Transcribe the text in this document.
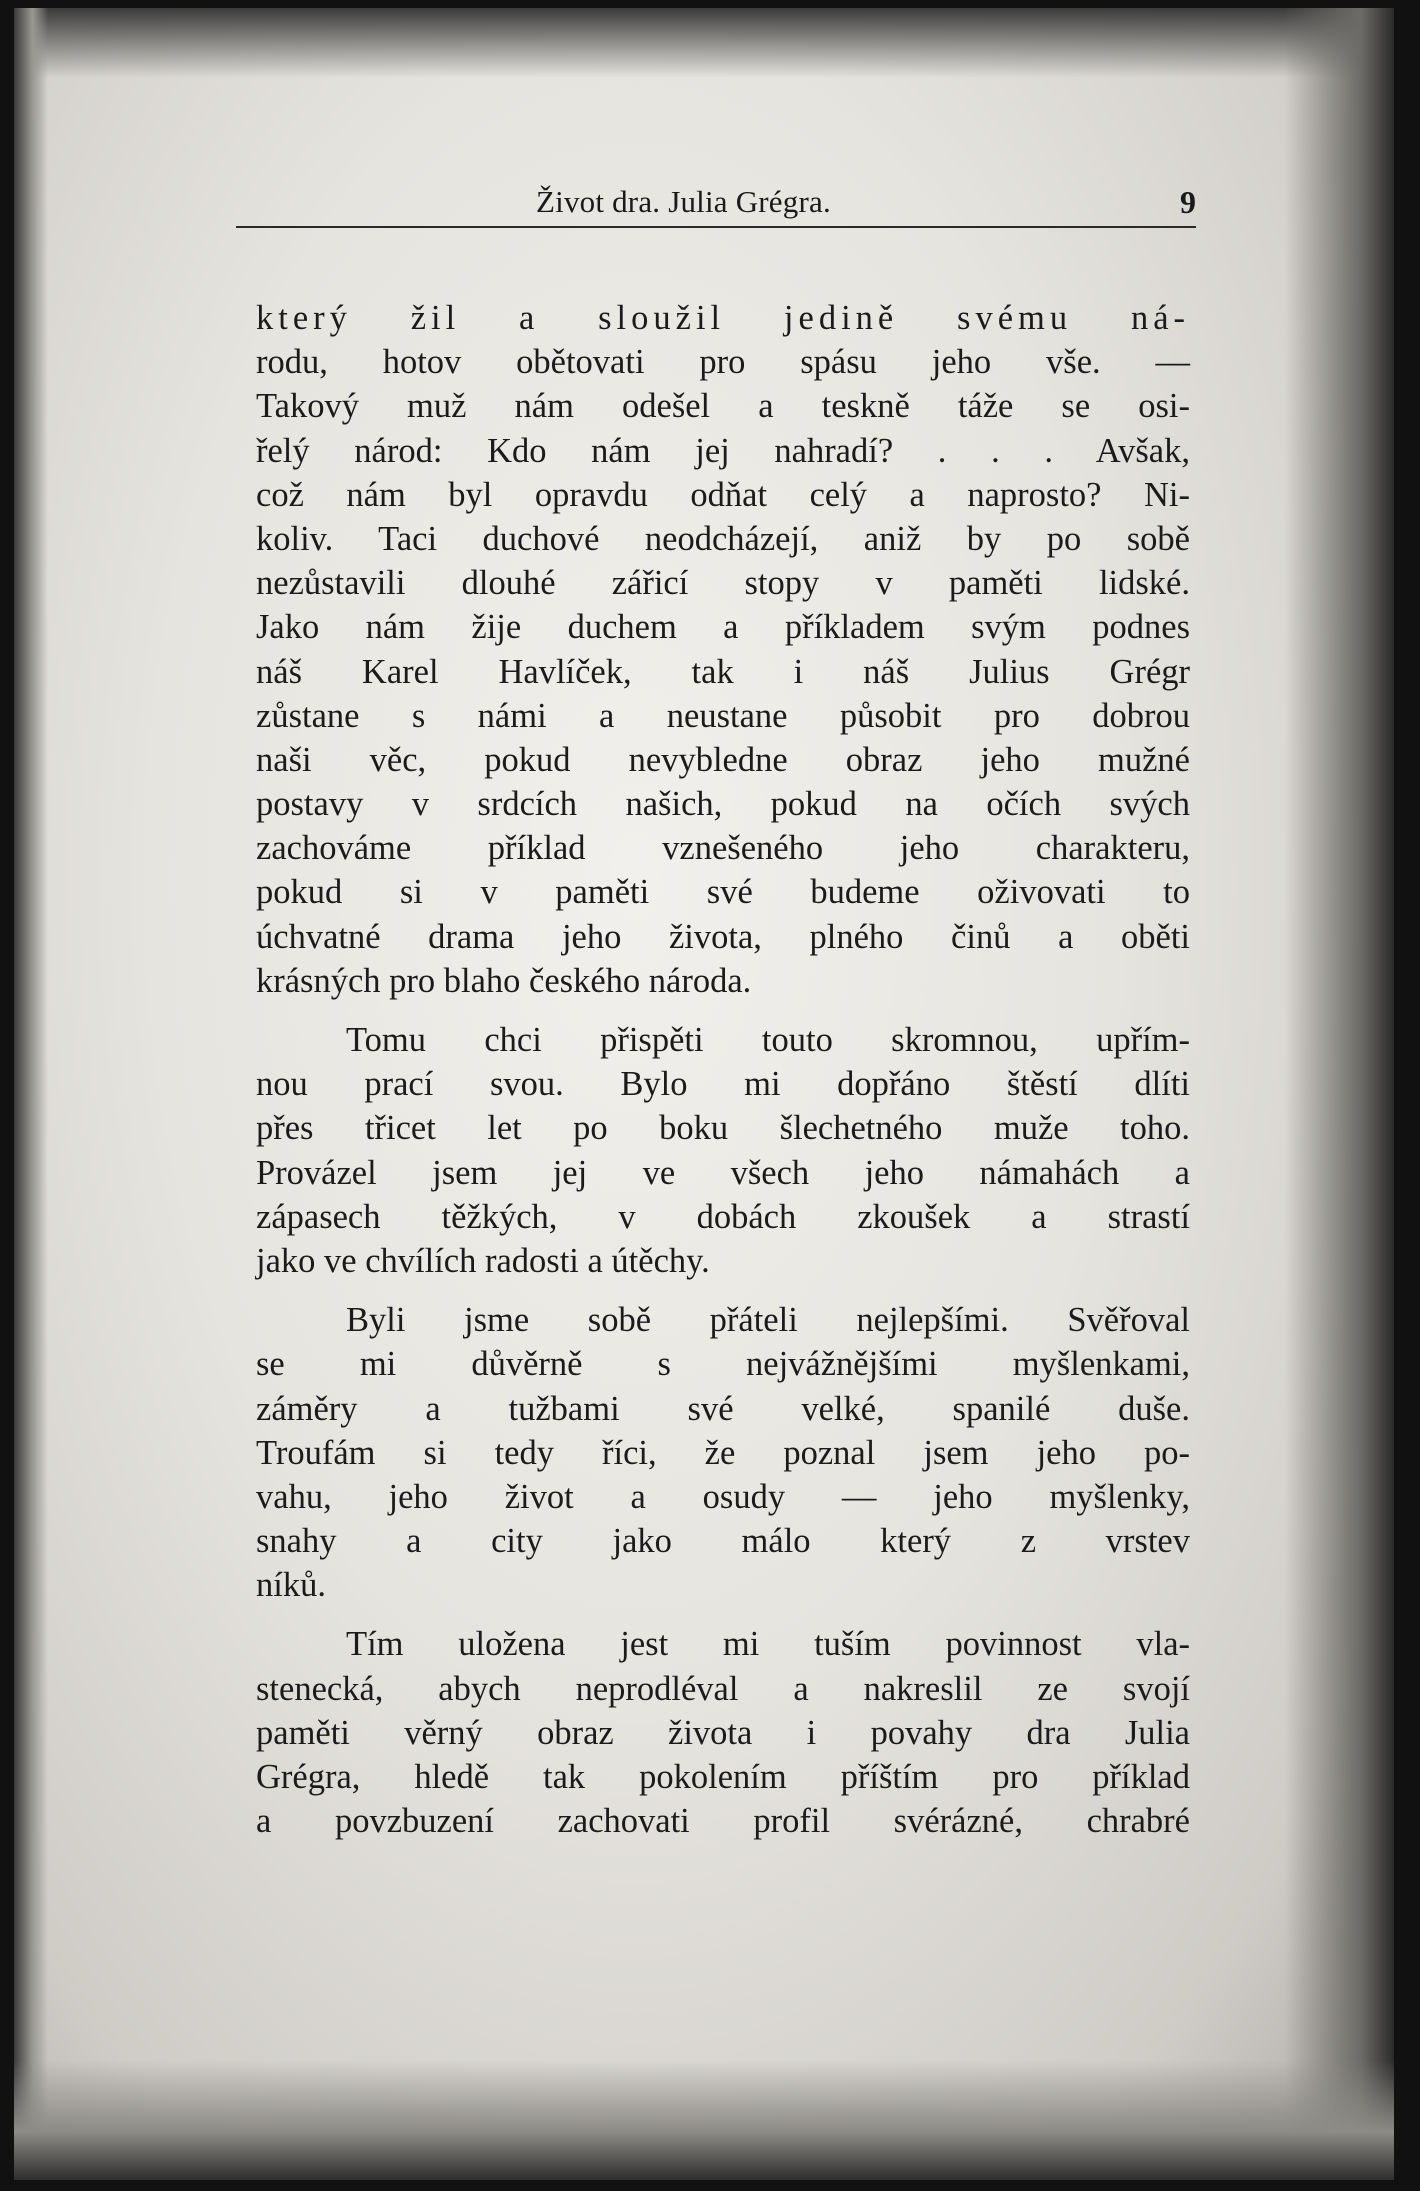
Život dra. Julia Grégra.	9
který žil a sloužil jedině svému ná-
rodu, hotov obětovati pro spásu jeho vše. —
Takový muž nám odešel a teskně táže se osi-
řelý národ: Kdo nám jej nahradí? . . . Avšak,
což nám byl opravdu odňat celý a naprosto? Ni-
koliv. Taci duchové neodcházejí, aniž by po sobě
nezůstavili dlouhé zářicí stopy v paměti lidské.
Jako nám žije duchem a příkladem svým podnes
náš Karel Havlíček, tak i náš Julius Grégr
zůstane s námi a neustane působit pro dobrou
naši věc, pokud nevybledne obraz jeho mužné
postavy v srdcích našich, pokud na očích svých
zachováme příklad vznešeného jeho charakteru,
pokud si v paměti své budeme oživovati to
úchvatné drama jeho života, plného činů a oběti
krásných pro blaho českého národa.
Tomu chci přispěti touto skromnou, upřím-
nou prací svou. Bylo mi dopřáno štěstí dlíti
přes třicet let po boku šlechetného muže toho.
Provázel jsem jej ve všech jeho námahách a
zápasech těžkých, v dobách zkoušek a strastí
jako ve chvílích radosti a útěchy.
Byli jsme sobě přáteli nejlepšími. Svěřoval
se mi důvěrně s nejvážnějšími myšlenkami,
záměry a tužbami své velké, spanilé duše.
Troufám si tedy říci, že poznal jsem jeho po-
vahu, jeho život a osudy — jeho myšlenky,
snahy a city jako málo který z vrstev
níků.
Tím uložena jest mi tuším povinnost vla-
stenecká, abych neprodléval a nakreslil ze svojí
paměti věrný obraz života i povahy dra Julia
Grégra, hledě tak pokolením příštím pro příklad
a povzbuzení zachovati profil svérázné, chrabré
